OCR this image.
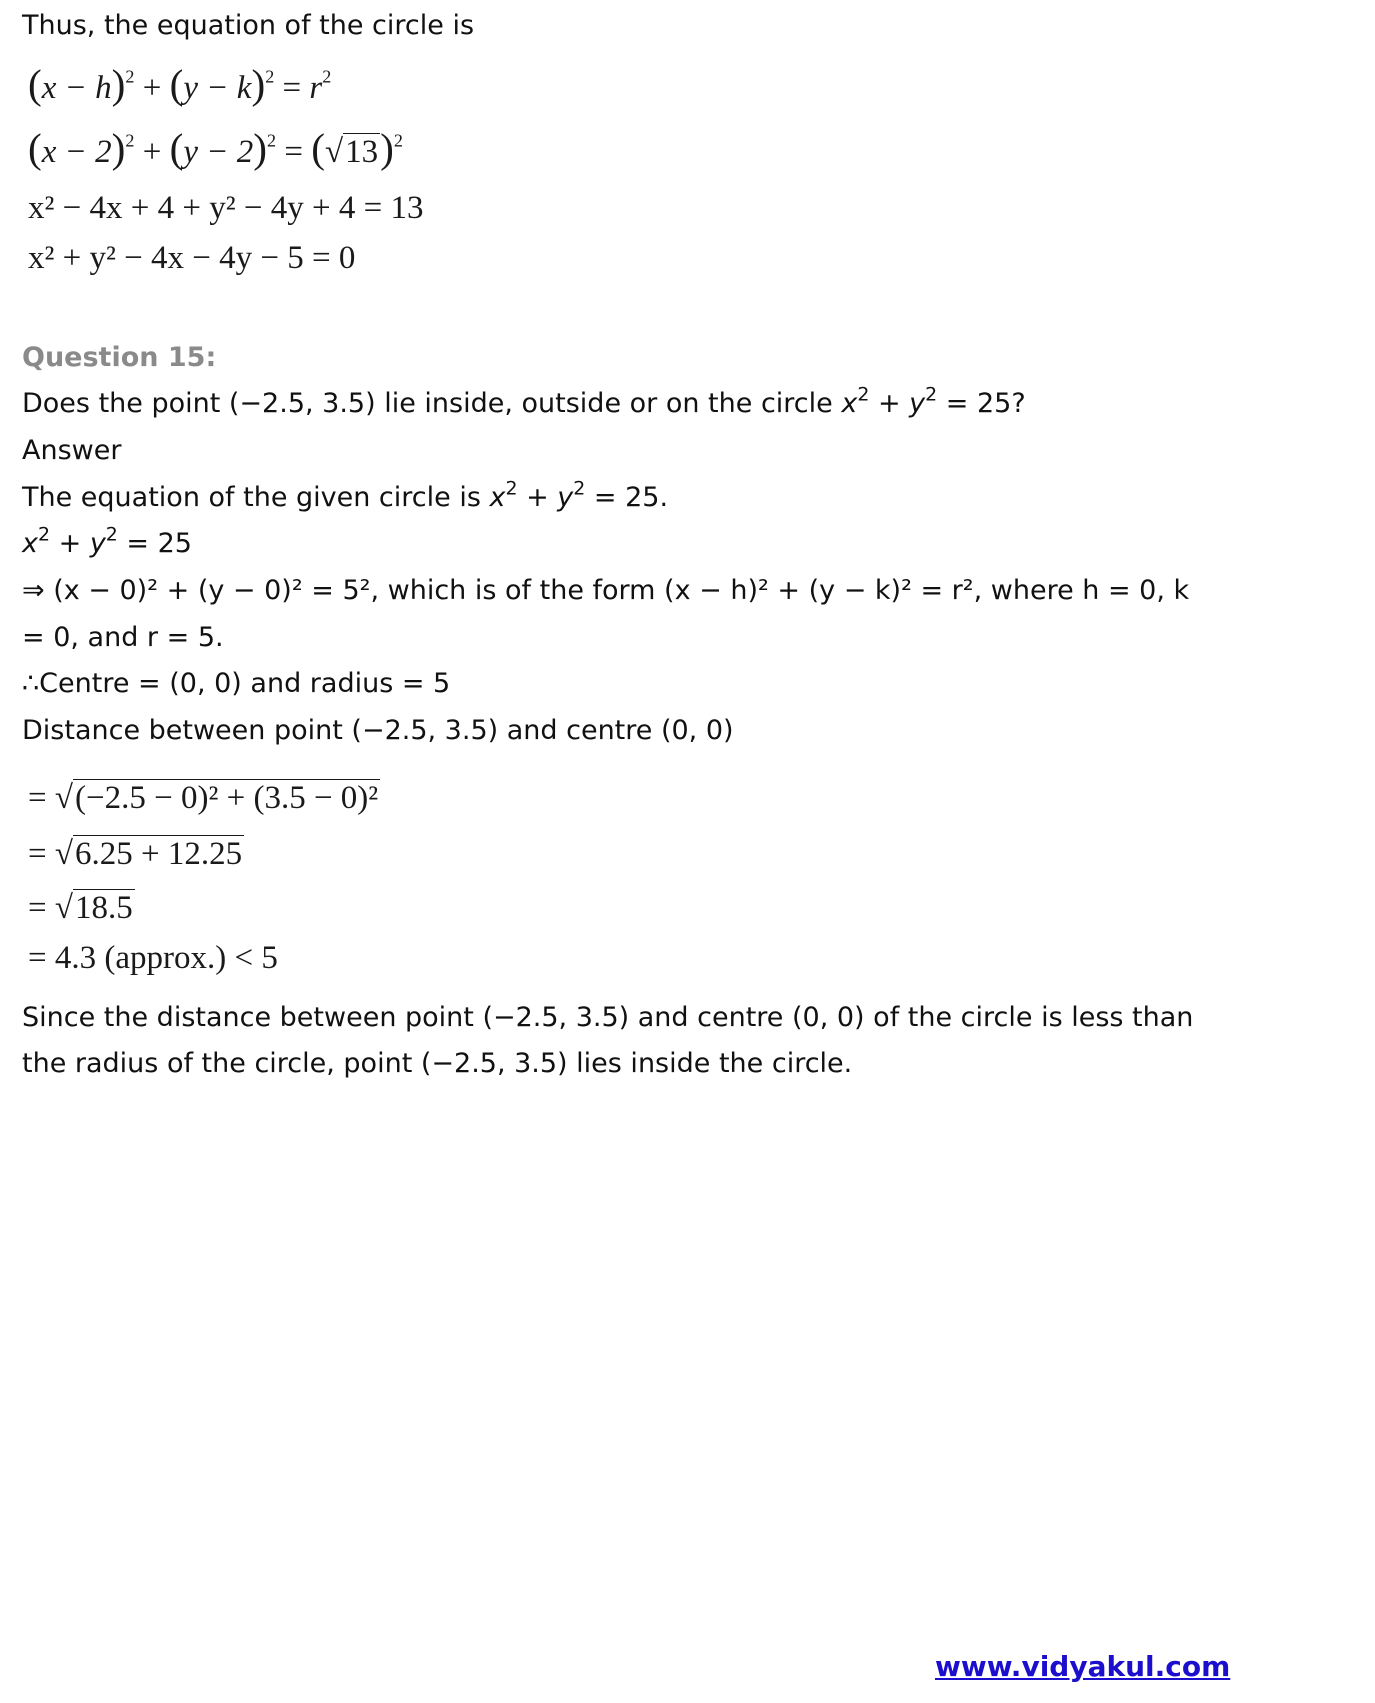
Thus, the equation of the circle is
$(x - h)^2 + (y - k)^2 = r^2$
$(x - 2)^2 + (y - 2)^2 = (√13)^2$
x² − 4x + 4 + y² − 4y + 4 = 13
x² + y² − 4x − 4y − 5 = 0
Question 15:
Does the point (−2.5, 3.5) lie inside, outside or on the circle $x^2 + y^2 = 25$?
Answer
The equation of the given circle is $x^2 + y^2 = 25$.
$x^2 + y^2 = 25$
⇒ (x − 0)² + (y − 0)² = 5², which is of the form (x − h)² + (y − k)² = r², where h = 0, k
= 0, and r = 5.
∴Centre = (0, 0) and radius = 5
Distance between point (−2.5, 3.5) and centre (0, 0)
= √(−2.5 − 0)² + (3.5 − 0)²
= √6.25 + 12.25
= √18.5
= 4.3 (approx.) < 5
Since the distance between point (−2.5, 3.5) and centre (0, 0) of the circle is less than
the radius of the circle, point (−2.5, 3.5) lies inside the circle.
www.vidyakul.com
